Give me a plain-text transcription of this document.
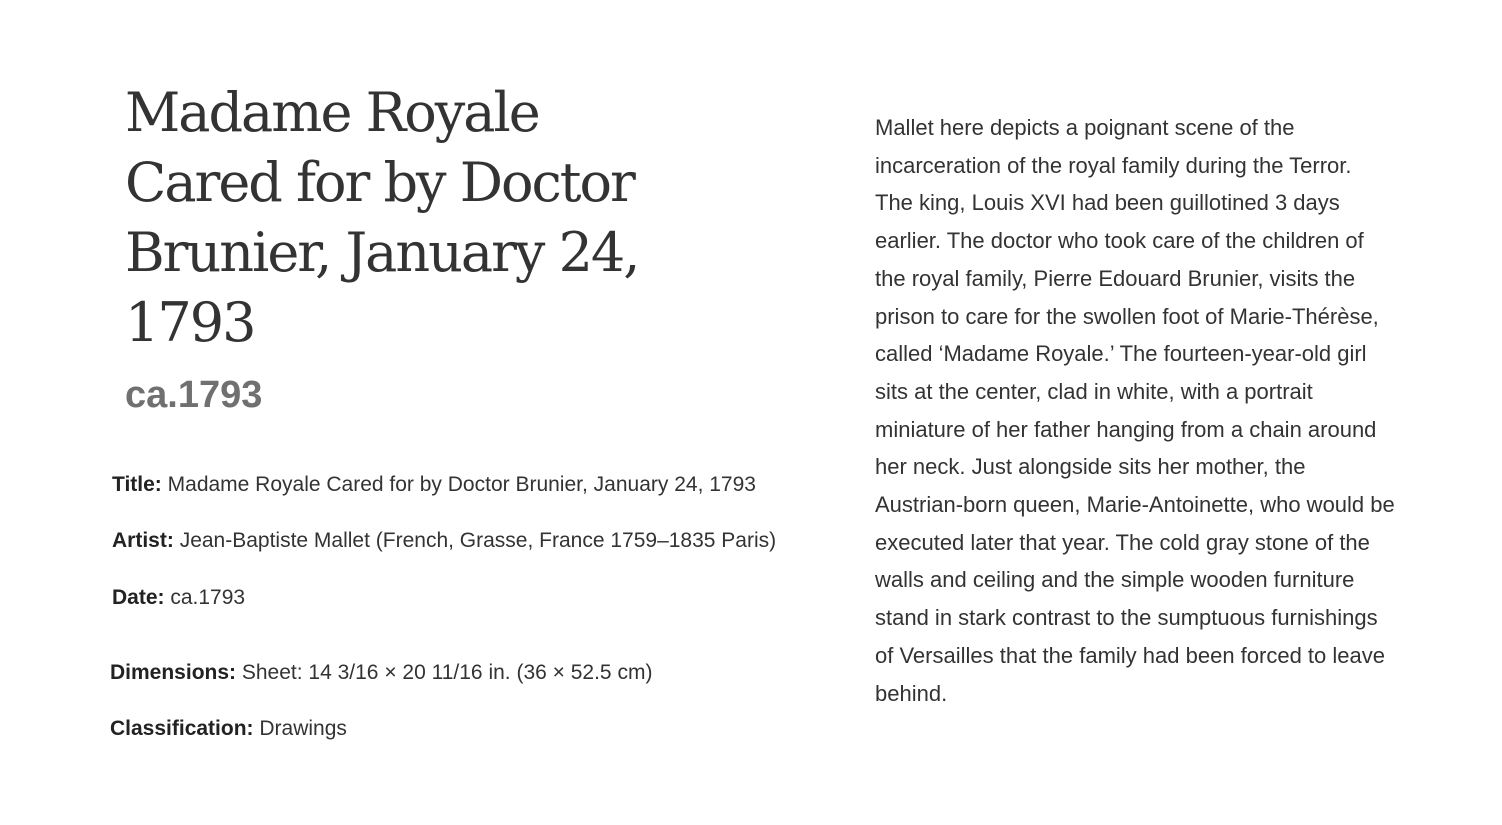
Madame Royale Cared for by Doctor Brunier, January 24, 1793
ca.1793

Title: Madame Royale Cared for by Doctor Brunier, January 24, 1793

Artist: Jean-Baptiste Mallet (French, Grasse, France 1759–1835 Paris)

Date: ca.1793

Dimensions: Sheet: 14 3/16 × 20 11/16 in. (36 × 52.5 cm)

Classification: Drawings

Mallet here depicts a poignant scene of the incarceration of the royal family during the Terror. The king, Louis XVI had been guillotined 3 days earlier. The doctor who took care of the children of the royal family, Pierre Edouard Brunier, visits the prison to care for the swollen foot of Marie-Thérèse, called ‘Madame Royale.’ The fourteen-year-old girl sits at the center, clad in white, with a portrait miniature of her father hanging from a chain around her neck. Just alongside sits her mother, the Austrian-born queen, Marie-Antoinette, who would be executed later that year. The cold gray stone of the walls and ceiling and the simple wooden furniture stand in stark contrast to the sumptuous furnishings of Versailles that the family had been forced to leave behind.
